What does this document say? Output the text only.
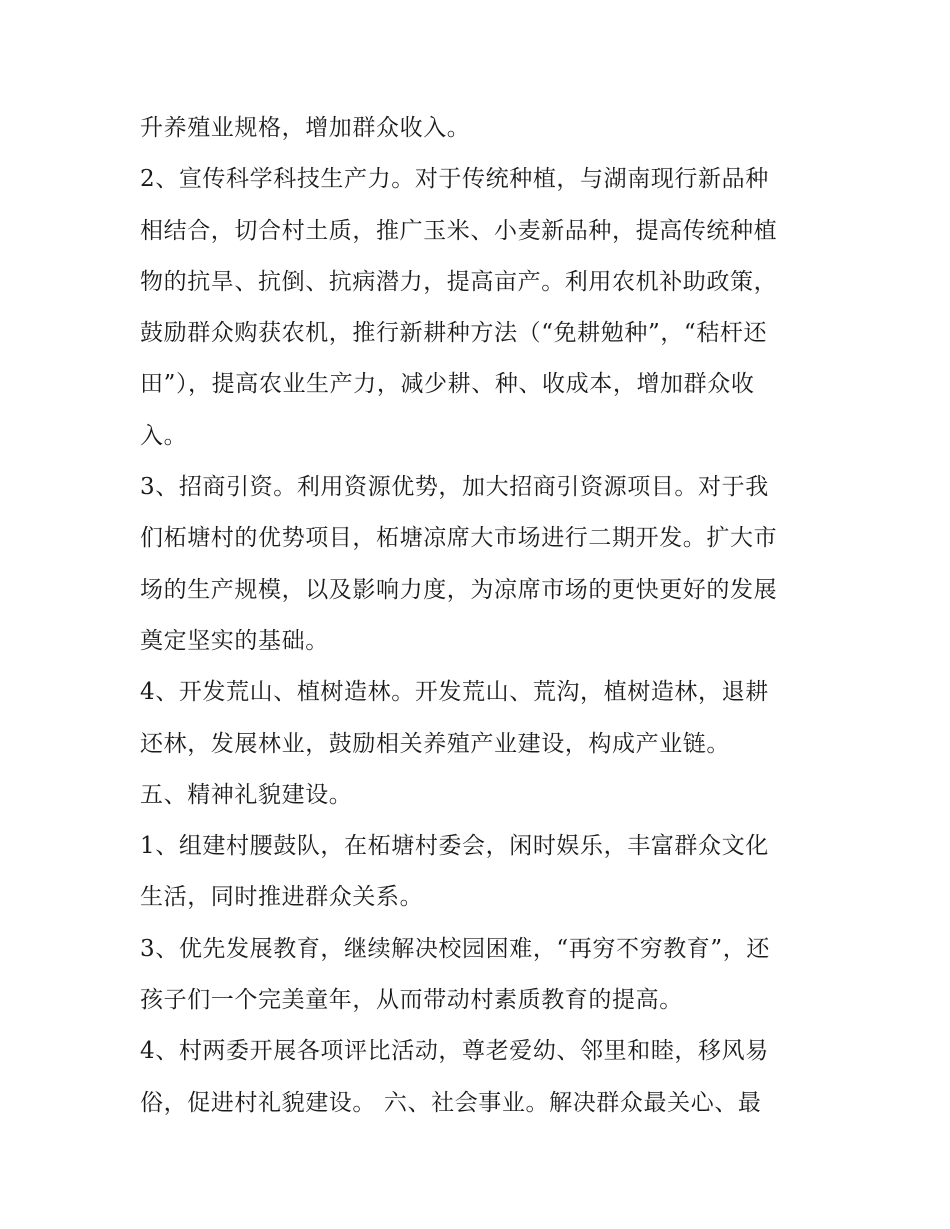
升养殖业规格，增加群众收入。
2、宣传科学科技生产力。对于传统种植，与湖南现行新品种
相结合，切合村土质，推广玉米、小麦新品种，提高传统种植
物的抗旱、抗倒、抗病潜力，提高亩产。利用农机补助政策，
鼓励群众购获农机，推行新耕种方法（“免耕勉种”，“秸杆还
田”），提高农业生产力，减少耕、种、收成本，增加群众收
入。
3、招商引资。利用资源优势，加大招商引资源项目。对于我
们柘塘村的优势项目，柘塘凉席大市场进行二期开发。扩大市
场的生产规模，以及影响力度，为凉席市场的更快更好的发展
奠定坚实的基础。
4、开发荒山、植树造林。开发荒山、荒沟，植树造林，退耕
还林，发展林业，鼓励相关养殖产业建设，构成产业链。
五、精神礼貌建设。
1、组建村腰鼓队，在柘塘村委会，闲时娱乐，丰富群众文化
生活，同时推进群众关系。
3、优先发展教育，继续解决校园困难，“再穷不穷教育”，还
孩子们一个完美童年，从而带动村素质教育的提高。
4、村两委开展各项评比活动，尊老爱幼、邻里和睦，移风易
俗，促进村礼貌建设。 六、社会事业。解决群众最关心、最
